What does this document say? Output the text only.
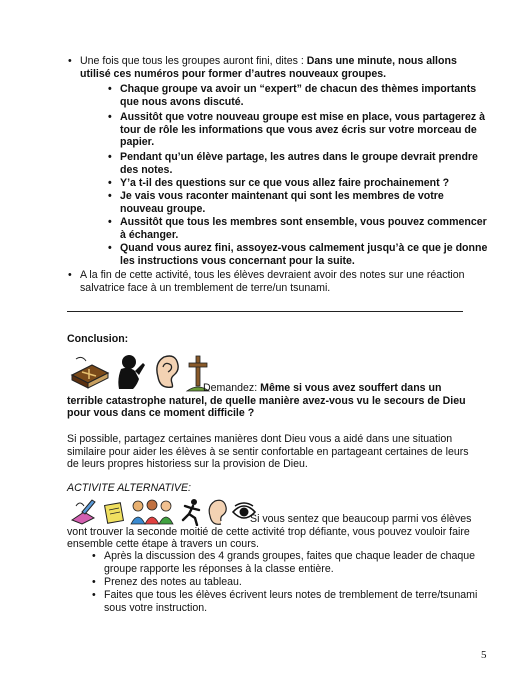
• Une fois que tous les groupes auront fini, dites : Dans une minute, nous allons utilisé ces numéros pour former d’autres nouveaux groupes.
• Chaque groupe va avoir un “expert” de chacun des thèmes importants que nous avons discuté.
• Aussitôt que votre nouveau groupe est mise en place, vous partagerez à tour de rôle les informations que vous avez écris sur votre morceau de papier.
• Pendant qu’un élève partage, les autres dans le groupe devrait prendre des notes.
• Y’a t-il des questions sur ce que vous allez faire prochainement ?
• Je vais vous raconter maintenant qui sont les membres de votre nouveau groupe.
• Aussitôt que tous les membres sont ensemble, vous pouvez commencer à échanger.
• Quand vous aurez fini, assoyez-vous calmement jusqu’à ce que je donne les instructions vous concernant pour la suite.
• A la fin de cette activité, tous les élèves devraient avoir des notes sur une réaction salvatrice face à un tremblement de terre/un tsunami.
Conclusion:

Demandez: Même si vous avez souffert dans un terrible catastrophe naturel, de quelle manière avez-vous vu le secours de Dieu pour vous dans ce moment difficile ?
Si possible, partagez certaines manières dont Dieu vous a aidé dans une situation similaire pour aider les élèves à se sentir confortable en partageant certaines de leurs de leurs propres historiess sur la provision de Dieu.
ACTIVITE ALTERNATIVE:

Si vous sentez que beaucoup parmi vos élèves vont trouver la seconde moitié de cette activité trop défiante, vous pouvez vouloir faire ensemble cette étape à travers un cours.
• Après la discussion des 4 grands groupes, faites que chaque leader de chaque groupe rapporte les réponses à la classe entière.
• Prenez des notes au tableau.
• Faites que tous les élèves écrivent leurs notes de tremblement de terre/tsunami sous votre instruction.
5
